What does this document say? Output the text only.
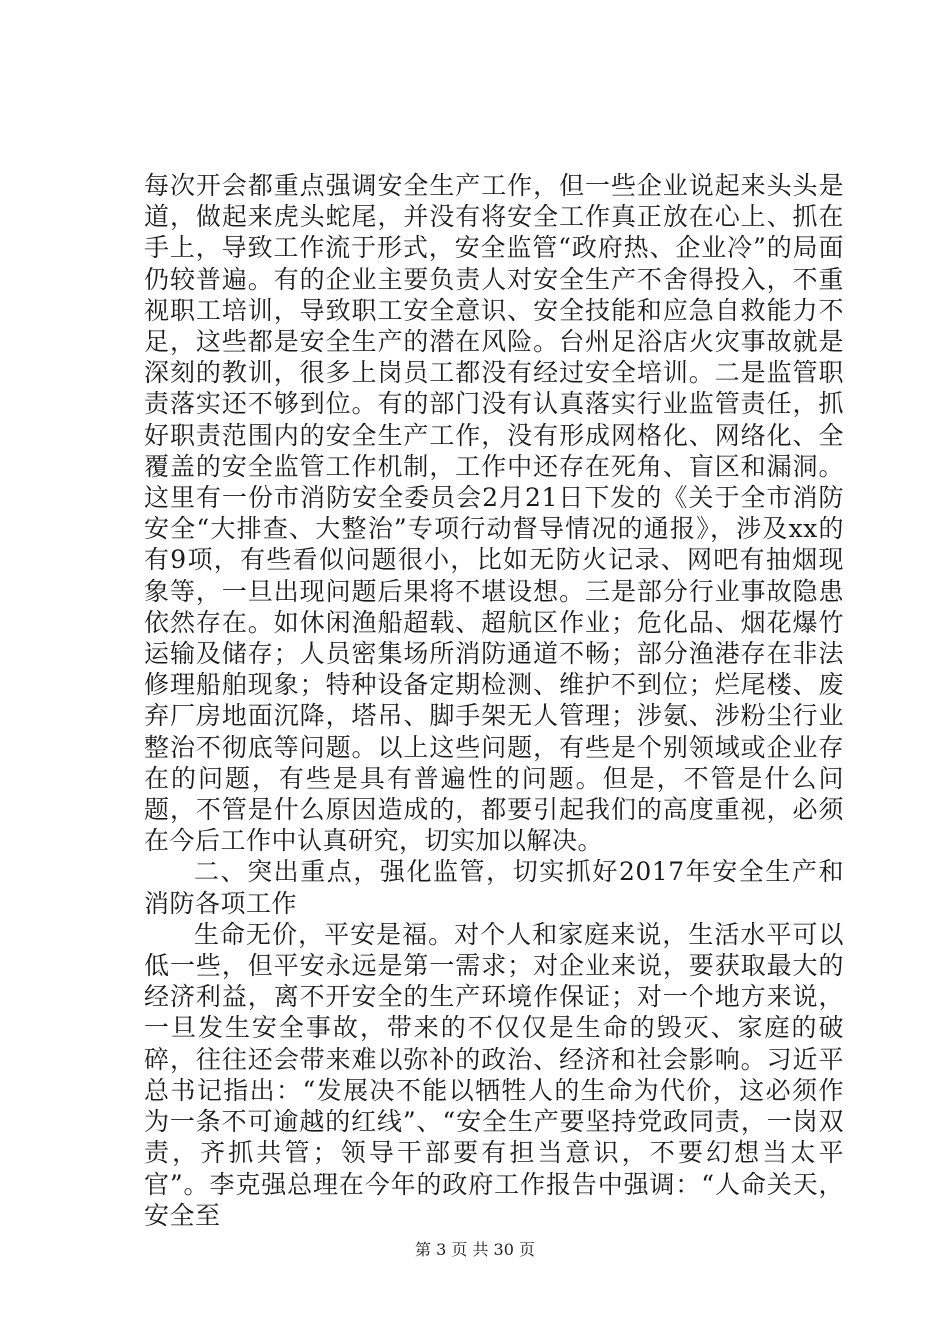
每次开会都重点强调安全生产工作，但一些企业说起来头头是道，做起来虎头蛇尾，并没有将安全工作真正放在心上、抓在手上，导致工作流于形式，安全监管“政府热、企业冷”的局面仍较普遍。有的企业主要负责人对安全生产不舍得投入，不重视职工培训，导致职工安全意识、安全技能和应急自救能力不足，这些都是安全生产的潜在风险。台州足浴店火灾事故就是深刻的教训，很多上岗员工都没有经过安全培训。二是监管职责落实还不够到位。有的部门没有认真落实行业监管责任，抓好职责范围内的安全生产工作，没有形成网格化、网络化、全覆盖的安全监管工作机制，工作中还存在死角、盲区和漏洞。这里有一份市消防安全委员会2月21日下发的《关于全市消防安全“大排查、大整治”专项行动督导情况的通报》，涉及xx的有9项，有些看似问题很小，比如无防火记录、网吧有抽烟现象等，一旦出现问题后果将不堪设想。三是部分行业事故隐患依然存在。如休闲渔船超载、超航区作业；危化品、烟花爆竹运输及储存；人员密集场所消防通道不畅；部分渔港存在非法修理船舶现象；特种设备定期检测、维护不到位；烂尾楼、废弃厂房地面沉降，塔吊、脚手架无人管理；涉氨、涉粉尘行业整治不彻底等问题。以上这些问题，有些是个别领域或企业存在的问题，有些是具有普遍性的问题。但是，不管是什么问题，不管是什么原因造成的，都要引起我们的高度重视，必须在今后工作中认真研究，切实加以解决。

二、突出重点，强化监管，切实抓好2017年安全生产和消防各项工作

生命无价，平安是福。对个人和家庭来说，生活水平可以低一些，但平安永远是第一需求；对企业来说，要获取最大的经济利益，离不开安全的生产环境作保证；对一个地方来说，一旦发生安全事故，带来的不仅仅是生命的毁灭、家庭的破碎，往往还会带来难以弥补的政治、经济和社会影响。习近平总书记指出：“发展决不能以牺牲人的生命为代价，这必须作为一条不可逾越的红线”、“安全生产要坚持党政同责，一岗双责，齐抓共管；领导干部要有担当意识，不要幻想当太平官”。李克强总理在今年的政府工作报告中强调：“人命关天，安全至

第 3 页 共 30 页
